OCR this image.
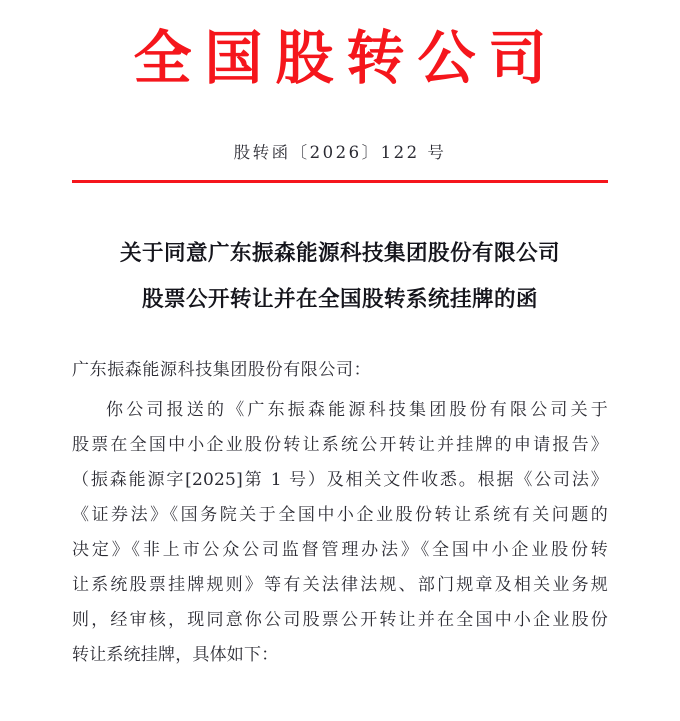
全国股转公司
股转函〔2026〕122 号
关于同意广东振森能源科技集团股份有限公司
股票公开转让并在全国股转系统挂牌的函
广东振森能源科技集团股份有限公司：
你公司报送的《广东振森能源科技集团股份有限公司关于
股票在全国中小企业股份转让系统公开转让并挂牌的申请报告》
（振森能源字[2025]第 1 号）及相关文件收悉。根据《公司法》
《证券法》《国务院关于全国中小企业股份转让系统有关问题的
决定》《非上市公众公司监督管理办法》《全国中小企业股份转
让系统股票挂牌规则》等有关法律法规、部门规章及相关业务规
则，经审核，现同意你公司股票公开转让并在全国中小企业股份
转让系统挂牌，具体如下：
